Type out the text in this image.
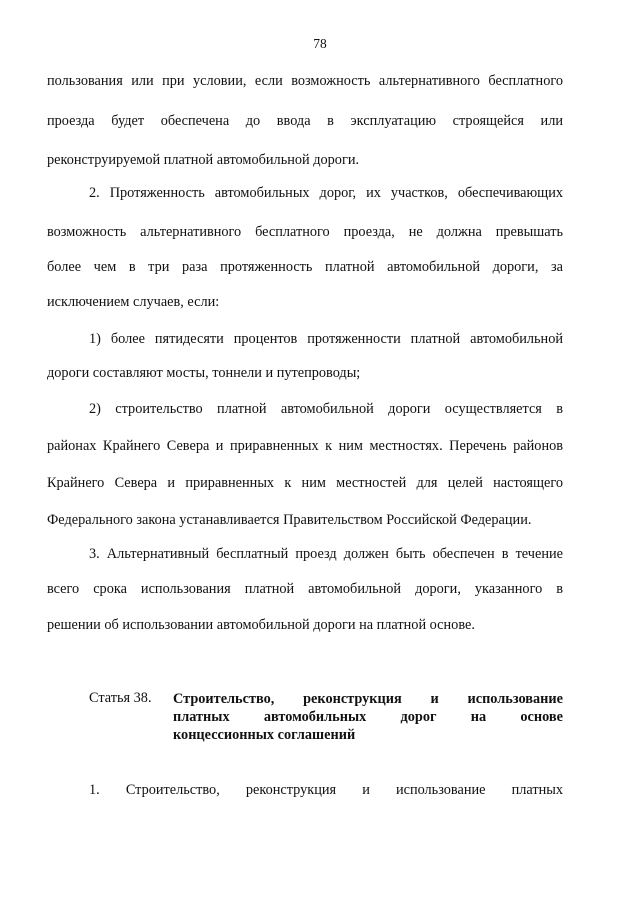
78
пользования или при условии, если возможность альтернативного бесплатного
проезда будет обеспечена до ввода в эксплуатацию строящейся или
реконструируемой платной автомобильной дороги.
2. Протяженность автомобильных дорог, их участков, обеспечивающих
возможность альтернативного бесплатного проезда, не должна превышать
более чем в три раза протяженность платной автомобильной дороги, за
исключением случаев, если:
1) более пятидесяти процентов протяженности платной автомобильной
дороги составляют мосты, тоннели и путепроводы;
2) строительство платной автомобильной дороги осуществляется в
районах Крайнего Севера и приравненных к ним местностях. Перечень районов
Крайнего Севера и приравненных к ним местностей для целей настоящего
Федерального закона устанавливается Правительством Российской Федерации.
3. Альтернативный бесплатный проезд должен быть обеспечен в течение
всего срока использования платной автомобильной дороги, указанного в
решении об использовании автомобильной дороги на платной основе.
Статья 38. Строительство, реконструкция и использование
платных автомобильных дорог на основе
концессионных соглашений
1. Строительство, реконструкция и использование платных
